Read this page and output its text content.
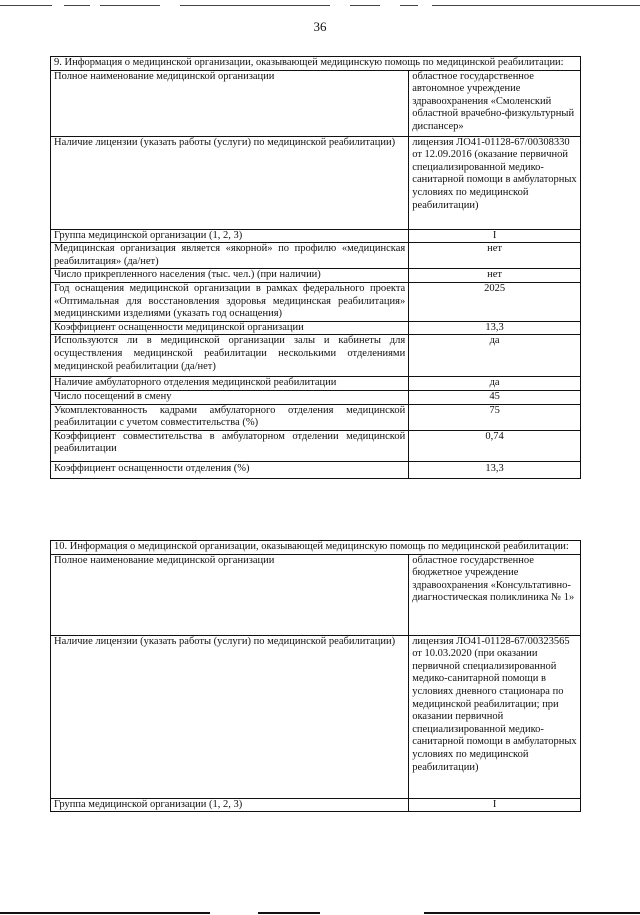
36
9. Информация о медицинской организации, оказывающей медицинскую помощь по медицинской реабилитации:	
Полное наименование медицинской организации	областное государственное автономное учреждение здравоохранения «Смоленский областной врачебно-физкультурный диспансер»
Наличие лицензии (указать работы (услуги) по медицинской реабилитации)	лицензия ЛО41-01128-67/00308330 от 12.09.2016 (оказание первичной специализированной медико-санитарной помощи в амбулаторных условиях по медицинской реабилитации)
Группа медицинской организации (1, 2, 3)	I
Медицинская организация является «якорной» по профилю «медицинская реабилитация» (да/нет)	нет
Число прикрепленного населения (тыс. чел.) (при наличии)	нет
Год оснащения медицинской организации в рамках федерального проекта «Оптимальная для восстановления здоровья медицинская реабилитация» медицинскими изделиями (указать год оснащения)	2025
Коэффициент оснащенности медицинской организации	13,3
Используются ли в медицинской организации залы и кабинеты для осуществления медицинской реабилитации несколькими отделениями медицинской реабилитации (да/нет)	да
Наличие амбулаторного отделения медицинской реабилитации	да
Число посещений в смену	45
Укомплектованность кадрами амбулаторного отделения медицинской реабилитации с учетом совместительства (%)	75
Коэффициент совместительства в амбулаторном отделении медицинской реабилитации	0,74
Коэффициент оснащенности отделения (%)	13,3
10. Информация о медицинской организации, оказывающей медицинскую помощь по медицинской реабилитации:	
Полное наименование медицинской организации	областное государственное бюджетное учреждение здравоохранения «Консультативно-диагностическая поликлиника № 1»
Наличие лицензии (указать работы (услуги) по медицинской реабилитации)	лицензия ЛО41-01128-67/00323565 от 10.03.2020 (при оказании первичной специализированной медико-санитарной помощи в условиях дневного стационара по медицинской реабилитации; при оказании первичной специализированной медико-санитарной помощи в амбулаторных условиях по медицинской реабилитации)
Группа медицинской организации (1, 2, 3)	I
